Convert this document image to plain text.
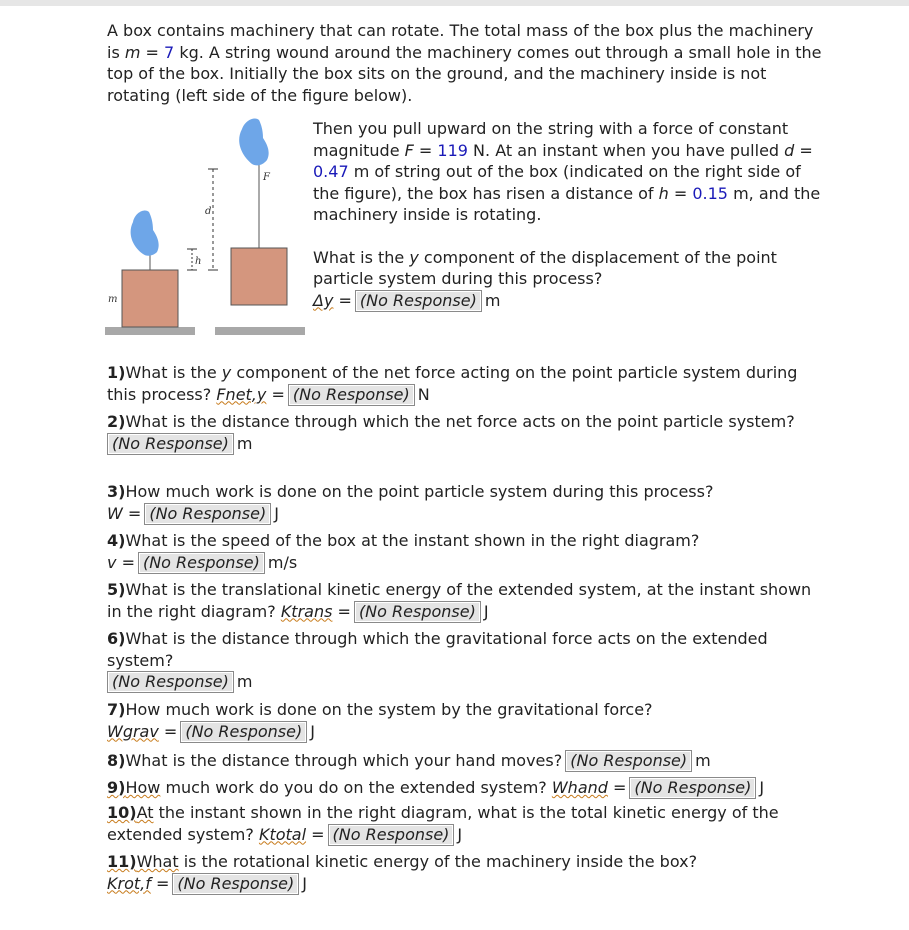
A box contains machinery that can rotate. The total mass of the box plus the machinery is m = 7 kg. A string wound around the machinery comes out through a small hole in the top of the box. Initially the box sits on the ground, and the machinery inside is not rotating (left side of the figure below).
h
m
F
d
Then you pull upward on the string with a force of constant magnitude F = 119 N. At an instant when you have pulled d = 0.47 m of string out of the box (indicated on the right side of the figure), the box has risen a distance of h = 0.15 m, and the machinery inside is rotating.
What is the y component of the displacement of the point particle system during this process?
Δy = (No Response) m
1)What is the y component of the net force acting on the point particle system during this process? Fnet,y = (No Response) N
2)What is the distance through which the net force acts on the point particle system?
(No Response) m
3)How much work is done on the point particle system during this process?
W = (No Response) J
4)What is the speed of the box at the instant shown in the right diagram?
v = (No Response) m/s
5)What is the translational kinetic energy of the extended system, at the instant shown in the right diagram? Ktrans = (No Response) J
6)What is the distance through which the gravitational force acts on the extended system?
(No Response) m
7)How much work is done on the system by the gravitational force?
Wgrav = (No Response) J
8)What is the distance through which your hand moves? (No Response) m
9)How much work do you do on the extended system? Whand = (No Response) J
10)At the instant shown in the right diagram, what is the total kinetic energy of the extended system? Ktotal = (No Response) J
11)What is the rotational kinetic energy of the machinery inside the box?
Krot,f = (No Response) J
